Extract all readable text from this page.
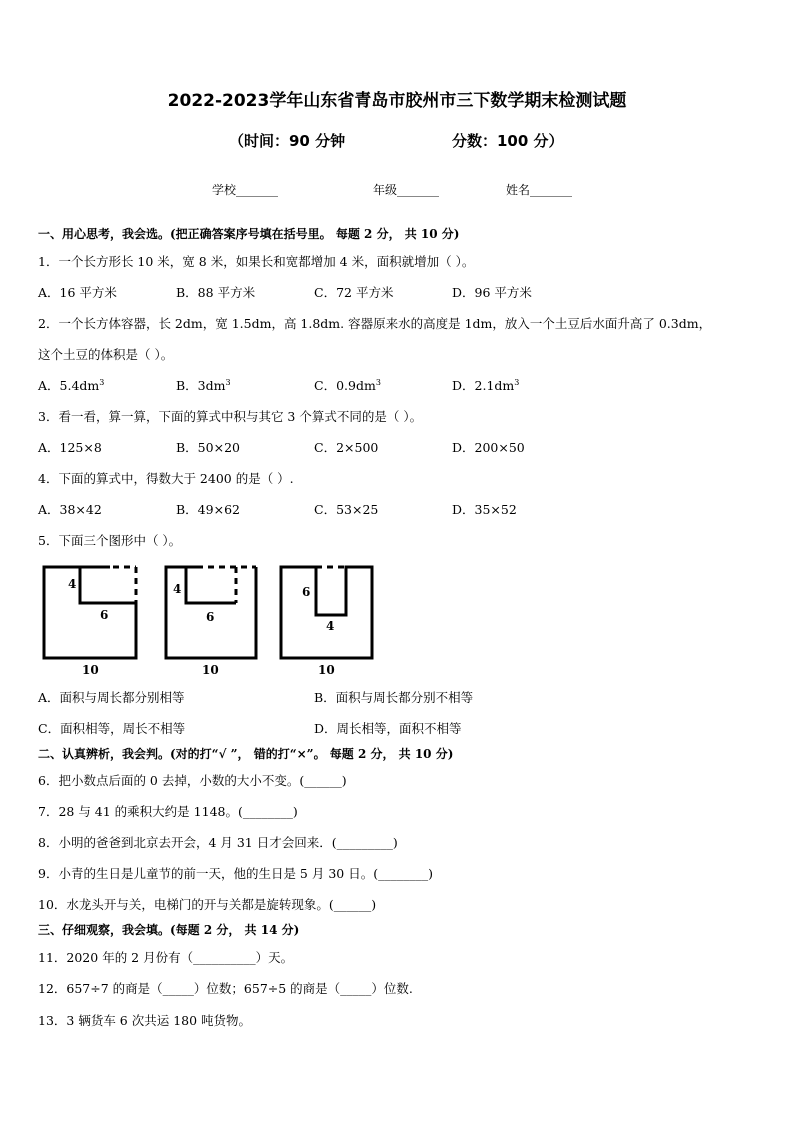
2022-2023学年山东省青岛市胶州市三下数学期末检测试题
（时间：90 分钟	分数：100 分）
学校_______	年级_______	姓名_______
一、用心思考，我会选。(把正确答案序号填在括号里。 每题 2 分， 共 10 分)
1．一个长方形长 10 米，宽 8 米，如果长和宽都增加 4 米，面积就增加（ ）。
A．16 平方米	B．88 平方米	C．72 平方米	D．96 平方米
2．一个长方体容器，长 2dm，宽 1.5dm，高 1.8dm. 容器原来水的高度是 1dm，放入一个土豆后水面升高了 0.3dm，
这个土豆的体积是（ ）。
A．$5.4dm^3$	B．$3dm^3$	C．$0.9dm^3$	D．$2.1dm^3$
3．看一看，算一算，下面的算式中积与其它 3 个算式不同的是（ ）。
A．125×8	B．50×20	C．2×500	D．200×50
4．下面的算式中，得数大于 2400 的是（ ）.
A．38×42	B．49×62	C．53×25	D．35×52
5．下面三个图形中（ ）。
4
6
10
4
6
10
6
4
10
A．面积与周长都分别相等	B．面积与周长都分别不相等
C．面积相等，周长不相等	D．周长相等，面积不相等
二、认真辨析，我会判。(对的打“√ ”， 错的打“×”。 每题 2 分， 共 10 分)
6．把小数点后面的 0 去掉，小数的大小不变。(______)
7．28 与 41 的乘积大约是 1148。(________)
8．小明的爸爸到北京去开会，4 月 31 日才会回来．(_________)
9．小青的生日是儿童节的前一天，他的生日是 5 月 30 日。(________)
10．水龙头开与关，电梯门的开与关都是旋转现象。(______)
三、仔细观察，我会填。(每题 2 分， 共 14 分)
11．2020 年的 2 月份有（__________）天。
12．657÷7 的商是（_____）位数；657÷5 的商是（_____）位数.
13．3 辆货车 6 次共运 180 吨货物。
